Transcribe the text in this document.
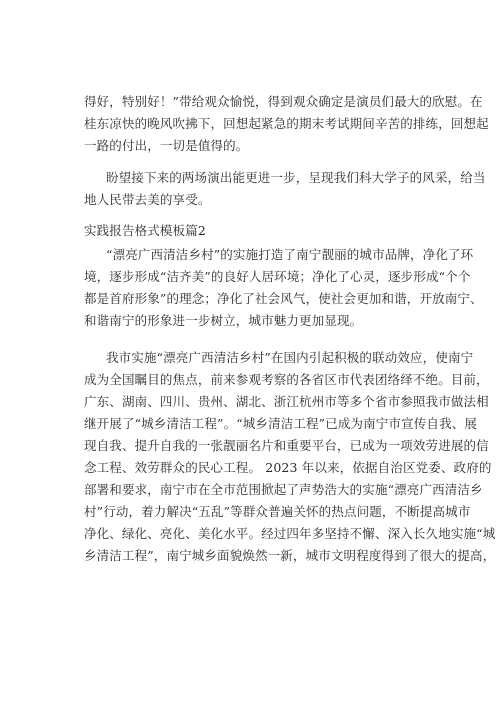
得好，特别好！”带给观众愉悦，得到观众确定是演员们最大的欣慰。在
桂东凉快的晚风吹拂下，回想起紧急的期末考试期间辛苦的排练，回想起
一路的付出，一切是值得的。
盼望接下来的两场演出能更进一步，呈现我们科大学子的风采，给当
地人民带去美的享受。
实践报告格式模板篇2
“漂亮广西清洁乡村”的实施打造了南宁靓丽的城市品牌，净化了环
境，逐步形成“洁齐美”的良好人居环境；净化了心灵，逐步形成“个个
都是首府形象”的理念；净化了社会风气，使社会更加和谐，开放南宁、
和谐南宁的形象进一步树立，城市魅力更加显现。
我市实施“漂亮广西清洁乡村”在国内引起积极的联动效应，使南宁
成为全国瞩目的焦点，前来参观考察的各省区市代表团络绎不绝。目前，
广东、湖南、四川、贵州、湖北、浙江杭州市等多个省市参照我市做法相
继开展了“城乡清洁工程”。“城乡清洁工程”已成为南宁市宣传自我、展
现自我、提升自我的一张靓丽名片和重要平台，已成为一项效劳进展的信
念工程、效劳群众的民心工程。 2023 年以来，依据自治区党委、政府的
部署和要求，南宁市在全市范围掀起了声势浩大的实施“漂亮广西清洁乡
村”行动，着力解决“五乱”等群众普遍关怀的热点问题，不断提高城市
净化、绿化、亮化、美化水平。经过四年多坚持不懈、深入长久地实施“城
乡清洁工程”，南宁城乡面貌焕然一新，城市文明程度得到了很大的提高，
